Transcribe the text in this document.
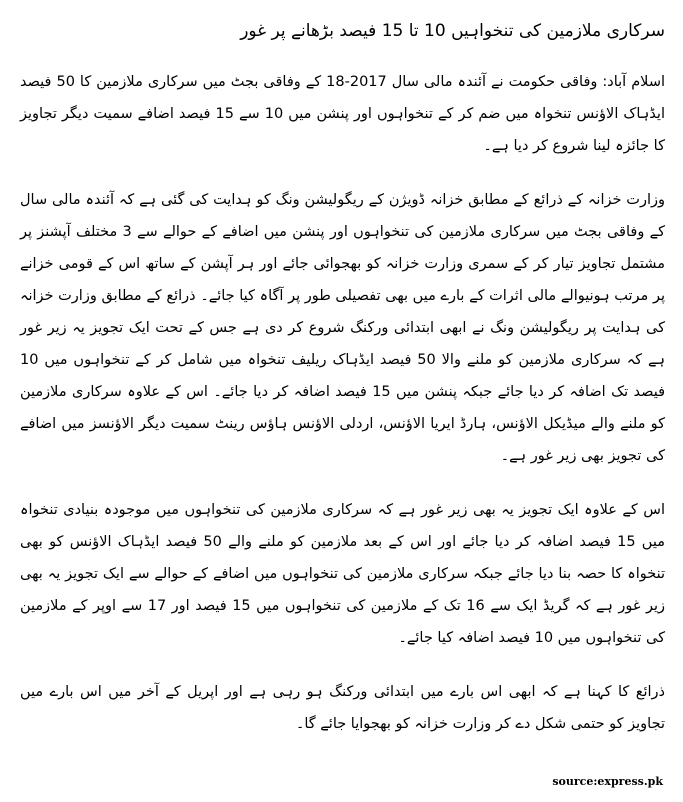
سرکاری ملازمین کی تنخواہیں 10 تا 15 فیصد بڑھانے پر غور

اسلام آباد: وفاقی حکومت نے آئندہ مالی سال 2017-18 کے وفاقی بجٹ میں سرکاری ملازمین کا 50 فیصد ایڈہاک الاؤنس تنخواہ میں ضم کر کے تنخواہوں اور پنشن میں 10 سے 15 فیصد اضافے سمیت دیگر تجاویز کا جائزہ لینا شروع کر دیا ہے۔

وزارت خزانہ کے ذرائع کے مطابق خزانہ ڈویژن کے ریگولیشن ونگ کو ہدایت کی گئی ہے کہ آئندہ مالی سال کے وفاقی بجٹ میں سرکاری ملازمین کی تنخواہوں اور پنشن میں اضافے کے حوالے سے 3 مختلف آپشنز پر مشتمل تجاویز تیار کر کے سمری وزارت خزانہ کو بھجوائی جائے اور ہر آپشن کے ساتھ اس کے قومی خزانے پر مرتب ہونیوالے مالی اثرات کے بارے میں بھی تفصیلی طور پر آگاہ کیا جائے۔ ذرائع کے مطابق وزارت خزانہ کی ہدایت پر ریگولیشن ونگ نے ابھی ابتدائی ورکنگ شروع کر دی ہے جس کے تحت ایک تجویز یہ زیر غور ہے کہ سرکاری ملازمین کو ملنے والا 50 فیصد ایڈہاک ریلیف تنخواہ میں شامل کر کے تنخواہوں میں 10 فیصد تک اضافہ کر دیا جائے جبکہ پنشن میں 15 فیصد اضافہ کر دیا جائے۔ اس کے علاوہ سرکاری ملازمین کو ملنے والے میڈیکل الاؤنس، ہارڈ ایریا الاؤنس، اردلی الاؤنس ہاؤس رینٹ سمیت دیگر الاؤنسز میں اضافے کی تجویز بھی زیر غور ہے۔

اس کے علاوہ ایک تجویز یہ بھی زیر غور ہے کہ سرکاری ملازمین کی تنخواہوں میں موجودہ بنیادی تنخواہ میں 15 فیصد اضافہ کر دیا جائے اور اس کے بعد ملازمین کو ملنے والے 50 فیصد ایڈہاک الاؤنس کو بھی تنخواہ کا حصہ بنا دیا جائے جبکہ سرکاری ملازمین کی تنخواہوں میں اضافے کے حوالے سے ایک تجویز یہ بھی زیر غور ہے کہ گریڈ ایک سے 16 تک کے ملازمین کی تنخواہوں میں 15 فیصد اور 17 سے اوپر کے ملازمین کی تنخواہوں میں 10 فیصد اضافہ کیا جائے۔

ذرائع کا کہنا ہے کہ ابھی اس بارے میں ابتدائی ورکنگ ہو رہی ہے اور اپریل کے آخر میں اس بارے میں تجاویز کو حتمی شکل دے کر وزارت خزانہ کو بھجوایا جائے گا۔

source:express.pk
